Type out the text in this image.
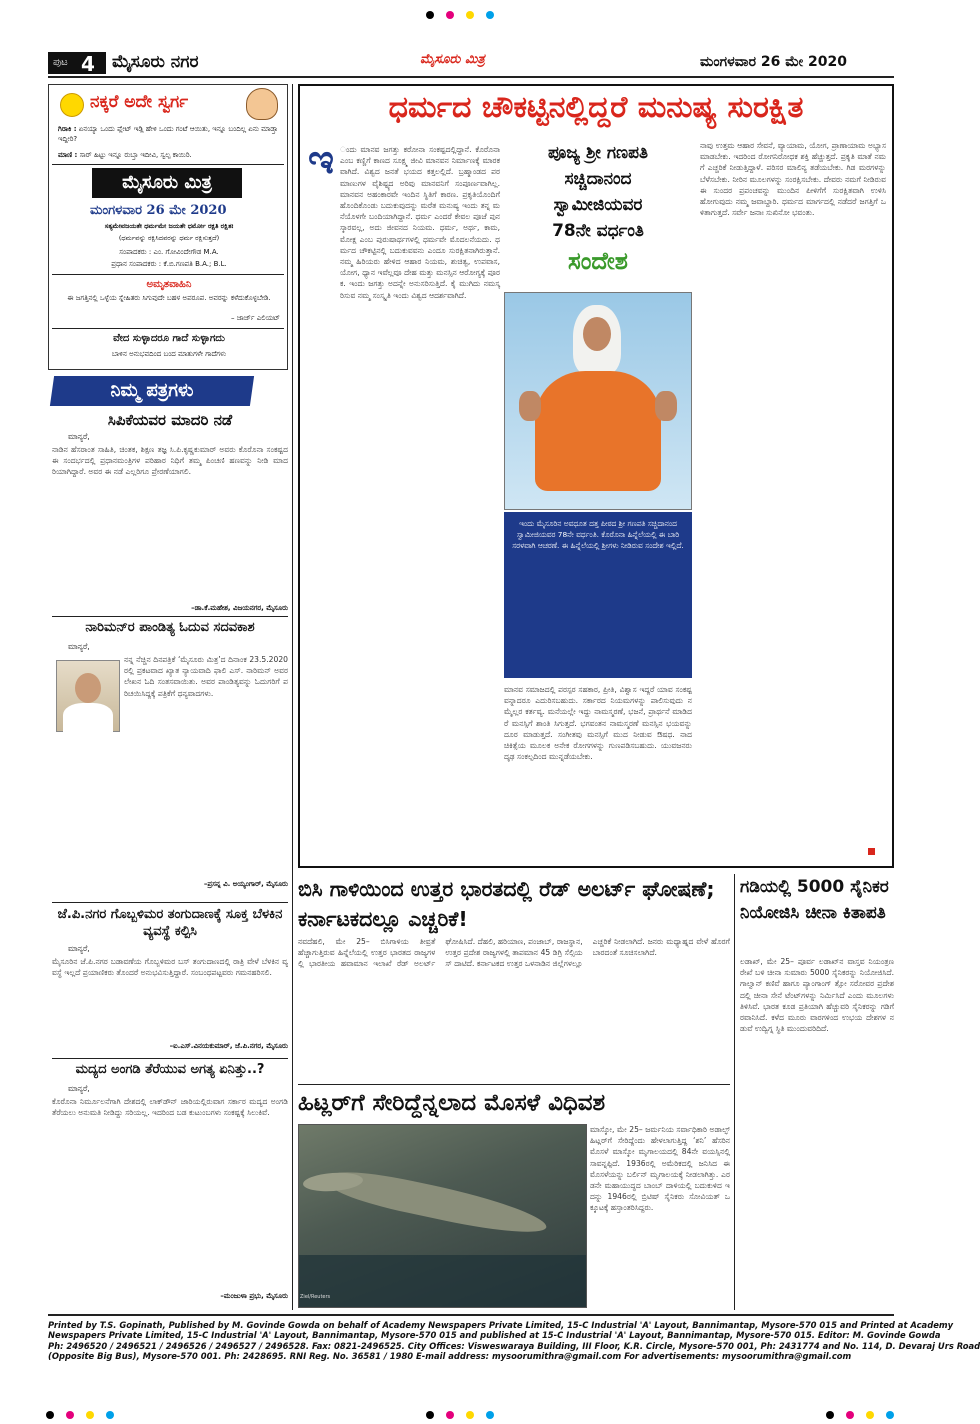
ಪುಟ 4 ಮೈಸೂರು ನಗರ	ಮೈಸೂರು ಮಿತ್ರ	ಮಂಗಳವಾರ 26 ಮೇ 2020
ನಕ್ಕರೆ ಅದೇ ಸ್ವರ್ಗ
ಗಿರಾಕಿ : ಏನಯ್ಯಾ ಒಂದು ಪ್ಲೇಟ್ ಇಡ್ಲಿ ಹೇಳಿ ಒಂದು ಗಂಟೆ ಆಯಿತು, ಇನ್ನೂ ಬಂದಿಲ್ಲ ಏನು ಮಾಡ್ತಾ ಇದ್ದೀರಿ?
ಮಾಣಿ : ಸಾರ್ ಹಿಟ್ಟು ಇನ್ನೂ ರುಬ್ತಾ ಇದೀವಿ, ಸ್ವಲ್ಪ ಕಾಯಿರಿ.
ಮೈಸೂರು ಮಿತ್ರ
ಮಂಗಳವಾರ 26 ಮೇ 2020
ಸತ್ಯಮೇವಜಯತೇ ಧರ್ಮಮೇ ಜಯತೇ ಧರ್ಮೋ ರಕ್ಷತಿ ರಕ್ಷಿತಃ
(ಧರ್ಮವನ್ನು ರಕ್ಷಿಸಿದವರನ್ನು ಧರ್ಮ ರಕ್ಷಿಸುತ್ತದೆ)
ಸಂಪಾದಕರು : ಎಂ. ಗೋವಿಂದೇಗೌಡ M.A.
ಪ್ರಧಾನ ಸಂಪಾದಕರು : ಕೆ.ಬಿ.ಗಣಪತಿ B.A.; B.L.
ಅಮೃತವಾಹಿನಿ
ಈ ಜಗತ್ತಿನಲ್ಲಿ ಒಳ್ಳೆಯ ಸ್ನೇಹಿತರು ಸಿಗುವುದೇ ಬಹಳ ಅಪರೂಪ. ಅವರನ್ನು ಕಳೆದುಕೊಳ್ಳಬೇಡಿ.
– ಜಾರ್ಜ್ ಎಲಿಯಟ್
ವೇದ ಸುಳ್ಳಾದರೂ ಗಾದೆ ಸುಳ್ಳಾಗದು
ಬಾಳಿನ ಅನುಭವದಿಂದ ಬಂದ ಮಾತುಗಳೇ ಗಾದೆಗಳು
ನಿಮ್ಮ ಪತ್ರಗಳು
ಸಿಪಿಕೆಯವರ ಮಾದರಿ ನಡೆ
ಮಾನ್ಯರೆ,
ನಾಡಿನ ಹೆಸರಾಂತ ಸಾಹಿತಿ, ಚಿಂತಕ, ಶಿಕ್ಷಣ ತಜ್ಞ ಸಿ.ಪಿ.ಕೃಷ್ಣಕುಮಾರ್ ಅವರು ಕೊರೊನಾ ಸಂಕಷ್ಟದ ಈ ಸಂದರ್ಭದಲ್ಲಿ ಪ್ರಧಾನಮಂತ್ರಿಗಳ ಪರಿಹಾರ ನಿಧಿಗೆ ತಮ್ಮ ಪಿಂಚಣಿ ಹಣವನ್ನು ನೀಡಿ ಮಾದರಿಯಾಗಿದ್ದಾರೆ. ಅವರ ಈ ನಡೆ ಎಲ್ಲರಿಗೂ ಪ್ರೇರಣೆಯಾಗಲಿ.
–ಡಾ.ಕೆ.ಮಹೇಶ, ವಿಜಯನಗರ, ಮೈಸೂರು
ನಾರಿಮನ್‌ರ ಪಾಂಡಿತ್ಯ ಓದುವ ಸದವಕಾಶ
ಮಾನ್ಯರೆ,
ನನ್ನ ನೆಚ್ಚಿನ ದಿನಪತ್ರಿಕೆ ‘ಮೈಸೂರು ಮಿತ್ರ’ದ ದಿನಾಂಕ 23.5.2020ರಲ್ಲಿ ಪ್ರಕಟವಾದ ಖ್ಯಾತ ನ್ಯಾಯವಾದಿ ಫಾಲಿ ಎಸ್. ನಾರಿಮನ್ ಅವರ ಲೇಖನ ಓದಿ ಸಂತಸವಾಯಿತು. ಅವರ ಪಾಂಡಿತ್ಯವನ್ನು ಓದುಗರಿಗೆ ಪರಿಚಯಿಸಿದ್ದಕ್ಕೆ ಪತ್ರಿಕೆಗೆ ಧನ್ಯವಾದಗಳು.
–ಪ್ರಸನ್ನ ವಿ. ಅಯ್ಯಂಗಾರ್, ಮೈಸೂರು
ಜೆ.ಪಿ.ನಗರ ಗೊಬ್ಬಳಿಮರ ತಂಗುದಾಣಕ್ಕೆ ಸೂಕ್ತ ಬೆಳಕಿನ ವ್ಯವಸ್ಥೆ ಕಲ್ಪಿಸಿ
ಮಾನ್ಯರೆ,
ಮೈಸೂರಿನ ಜೆ.ಪಿ.ನಗರ ಬಡಾವಣೆಯ ಗೊಬ್ಬಳಿಮರ ಬಸ್ ತಂಗುದಾಣದಲ್ಲಿ ರಾತ್ರಿ ವೇಳೆ ಬೆಳಕಿನ ವ್ಯವಸ್ಥೆ ಇಲ್ಲದೆ ಪ್ರಯಾಣಿಕರು ತೊಂದರೆ ಅನುಭವಿಸುತ್ತಿದ್ದಾರೆ. ಸಂಬಂಧಪಟ್ಟವರು ಗಮನಹರಿಸಲಿ.
–ಐ.ಎಸ್.ವಿನಯಕುಮಾರ್, ಜೆ.ಪಿ.ನಗರ, ಮೈಸೂರು
ಮದ್ಯದ ಅಂಗಡಿ ತೆರೆಯುವ ಅಗತ್ಯ ಏನಿತ್ತು..?
ಮಾನ್ಯರೆ,
ಕೊರೊನಾ ನಿರ್ಮೂಲನೆಗಾಗಿ ದೇಶದಲ್ಲಿ ಲಾಕ್‌ಡೌನ್ ಜಾರಿಯಲ್ಲಿರುವಾಗ ಸರ್ಕಾರ ಮದ್ಯದ ಅಂಗಡಿ ತೆರೆಯಲು ಅನುಮತಿ ನೀಡಿದ್ದು ಸರಿಯಲ್ಲ. ಇದರಿಂದ ಬಡ ಕುಟುಂಬಗಳು ಸಂಕಷ್ಟಕ್ಕೆ ಸಿಲುಕಿವೆ.
–ಮಂಜುಳಾ ಪ್ರಭು, ಮೈಸೂರು
ಧರ್ಮದ ಚೌಕಟ್ಟಿನಲ್ಲಿದ್ದರೆ ಮನುಷ್ಯ ಸುರಕ್ಷಿತ
ಇ ಂದು ಮಾನವ ಜಗತ್ತು ಕರೋನಾ ಸಂಕಷ್ಟದಲ್ಲಿದ್ದಾನೆ. ಕೊರೊನಾ ಎಂಬ ಕಣ್ಣಿಗೆ ಕಾಣದ ಸೂಕ್ಷ್ಮ ಜೀವಿ ಮಾನವನ ನಿರ್ಮಾಣಕ್ಕೆ ಮಾರಕವಾಗಿದೆ. ವಿಶ್ವದ ಜನತೆ ಭಯದ ಕತ್ತಲಲ್ಲಿದೆ. ಬ್ರಹ್ಮಾಂಡದ ಪರಮಾಣುಗಳ ವೈಶಿಷ್ಟ್ಯದ ಅರಿವು ಮಾನವನಿಗೆ ಸಂಪೂರ್ಣವಾಗಿಲ್ಲ. ಮಾನವನ ಅಹಂಕಾರವೇ ಇಂದಿನ ಸ್ಥಿತಿಗೆ ಕಾರಣ. ಪ್ರಕೃತಿಯೊಂದಿಗೆ ಹೊಂದಿಕೊಂಡು ಬದುಕುವುದನ್ನು ಮರೆತ ಮನುಷ್ಯ ಇಂದು ತನ್ನ ಮನೆಯೊಳಗೇ ಬಂದಿಯಾಗಿದ್ದಾನೆ. ಧರ್ಮ ಎಂದರೆ ಕೇವಲ ಪೂಜೆ ಪುನಸ್ಕಾರವಲ್ಲ, ಅದು ಜೀವನದ ನಿಯಮ. ಧರ್ಮ, ಅರ್ಥ, ಕಾಮ, ಮೋಕ್ಷ ಎಂಬ ಪುರುಷಾರ್ಥಗಳಲ್ಲಿ ಧರ್ಮವೇ ಮೊದಲನೆಯದು. ಧರ್ಮದ ಚೌಕಟ್ಟಿನಲ್ಲಿ ಬದುಕುವವನು ಎಂದೂ ಸುರಕ್ಷಿತನಾಗಿರುತ್ತಾನೆ. ನಮ್ಮ ಹಿರಿಯರು ಹೇಳಿದ ಆಹಾರ ನಿಯಮ, ಶುಚಿತ್ವ, ಉಪವಾಸ, ಯೋಗ, ಧ್ಯಾನ ಇವೆಲ್ಲವೂ ದೇಹ ಮತ್ತು ಮನಸ್ಸಿನ ಆರೋಗ್ಯಕ್ಕೆ ಪೂರಕ. ಇಂದು ಜಗತ್ತು ಅದನ್ನೇ ಅನುಸರಿಸುತ್ತಿದೆ. ಕೈ ಮುಗಿದು ನಮಸ್ಕರಿಸುವ ನಮ್ಮ ಸಂಸ್ಕೃತಿ ಇಂದು ವಿಶ್ವದ ಆದರ್ಶವಾಗಿದೆ.
ಪೂಜ್ಯ ಶ್ರೀ ಗಣಪತಿ
ಸಚ್ಚಿದಾನಂದ
ಸ್ವಾಮೀಜಿಯವರ
78ನೇ ವರ್ಧಂತಿ
ಸಂದೇಶ
ಇಂದು ಮೈಸೂರಿನ ಅವಧೂತ ದತ್ತ ಪೀಠದ ಶ್ರೀ ಗಣಪತಿ ಸಚ್ಚಿದಾನಂದ ಸ್ವಾಮೀಜಿಯವರ 78ನೇ ವರ್ಧಂತಿ. ಕೊರೊನಾ ಹಿನ್ನೆಲೆಯಲ್ಲಿ ಈ ಬಾರಿ ಸರಳವಾಗಿ ಆಚರಣೆ. ಈ ಹಿನ್ನೆಲೆಯಲ್ಲಿ ಶ್ರೀಗಳು ನೀಡಿರುವ ಸಂದೇಶ ಇಲ್ಲಿದೆ.
ಮಾನವ ಸಮಾಜದಲ್ಲಿ ಪರಸ್ಪರ ಸಹಕಾರ, ಪ್ರೀತಿ, ವಿಶ್ವಾಸ ಇದ್ದರೆ ಯಾವ ಸಂಕಷ್ಟವನ್ನಾದರೂ ಎದುರಿಸಬಹುದು. ಸರ್ಕಾರದ ನಿಯಮಗಳನ್ನು ಪಾಲಿಸುವುದು ನಮ್ಮೆಲ್ಲರ ಕರ್ತವ್ಯ. ಮನೆಯಲ್ಲೇ ಇದ್ದು ನಾಮಸ್ಮರಣೆ, ಭಜನೆ, ಪ್ರಾರ್ಥನೆ ಮಾಡಿದರೆ ಮನಸ್ಸಿಗೆ ಶಾಂತಿ ಸಿಗುತ್ತದೆ. ಭಗವಂತನ ನಾಮಸ್ಮರಣೆ ಮನಸ್ಸಿನ ಭಯವನ್ನು ದೂರ ಮಾಡುತ್ತದೆ. ಸಂಗೀತವು ಮನಸ್ಸಿಗೆ ಮುದ ನೀಡುವ ಔಷಧ. ನಾದ ಚಿಕಿತ್ಸೆಯ ಮೂಲಕ ಅನೇಕ ರೋಗಗಳನ್ನು ಗುಣಪಡಿಸಬಹುದು. ಯುವಜನರು ದೃಢ ಸಂಕಲ್ಪದಿಂದ ಮುನ್ನಡೆಯಬೇಕು.
ನಾವು ಉತ್ತಮ ಆಹಾರ ಸೇವನೆ, ವ್ಯಾಯಾಮ, ಯೋಗ, ಪ್ರಾಣಾಯಾಮ ಅಭ್ಯಾಸ ಮಾಡಬೇಕು. ಇದರಿಂದ ರೋಗನಿರೋಧಕ ಶಕ್ತಿ ಹೆಚ್ಚುತ್ತದೆ. ಪ್ರಕೃತಿ ಮಾತೆ ನಮಗೆ ಎಚ್ಚರಿಕೆ ನೀಡುತ್ತಿದ್ದಾಳೆ. ಪರಿಸರ ಮಾಲಿನ್ಯ ತಡೆಯಬೇಕು. ಗಿಡ ಮರಗಳನ್ನು ಬೆಳೆಸಬೇಕು. ನೀರಿನ ಮೂಲಗಳನ್ನು ಸಂರಕ್ಷಿಸಬೇಕು. ದೇವರು ನಮಗೆ ನೀಡಿರುವ ಈ ಸುಂದರ ಪ್ರಪಂಚವನ್ನು ಮುಂದಿನ ಪೀಳಿಗೆಗೆ ಸುರಕ್ಷಿತವಾಗಿ ಉಳಿಸಿ ಹೋಗುವುದು ನಮ್ಮ ಜವಾಬ್ದಾರಿ. ಧರ್ಮದ ಮಾರ್ಗದಲ್ಲಿ ನಡೆದರೆ ಜಗತ್ತಿಗೆ ಒಳಿತಾಗುತ್ತದೆ. ಸರ್ವೇ ಜನಾಃ ಸುಖಿನೋ ಭವಂತು.
ಬಿಸಿ ಗಾಳಿಯಿಂದ ಉತ್ತರ ಭಾರತದಲ್ಲಿ ರೆಡ್ ಅಲರ್ಟ್ ಘೋಷಣೆ; ಕರ್ನಾಟಕದಲ್ಲೂ ಎಚ್ಚರಿಕೆ!
ನವದೆಹಲಿ, ಮೇ 25– ಬಿಸಿಗಾಳಿಯ ತೀವ್ರತೆ ಹೆಚ್ಚಾಗುತ್ತಿರುವ ಹಿನ್ನೆಲೆಯಲ್ಲಿ ಉತ್ತರ ಭಾರತದ ರಾಜ್ಯಗಳಲ್ಲಿ ಭಾರತೀಯ ಹವಾಮಾನ ಇಲಾಖೆ ರೆಡ್ ಅಲರ್ಟ್ ಘೋಷಿಸಿದೆ. ದೆಹಲಿ, ಹರಿಯಾಣ, ಪಂಜಾಬ್, ರಾಜಸ್ಥಾನ, ಉತ್ತರ ಪ್ರದೇಶ ರಾಜ್ಯಗಳಲ್ಲಿ ತಾಪಮಾನ 45 ಡಿಗ್ರಿ ಸೆಲ್ಸಿಯಸ್ ದಾಟಿದೆ. ಕರ್ನಾಟಕದ ಉತ್ತರ ಒಳನಾಡಿನ ಜಿಲ್ಲೆಗಳಲ್ಲೂ ಎಚ್ಚರಿಕೆ ನೀಡಲಾಗಿದೆ. ಜನರು ಮಧ್ಯಾಹ್ನದ ವೇಳೆ ಹೊರಗೆ ಬಾರದಂತೆ ಸೂಚಿಸಲಾಗಿದೆ.
ಹಿಟ್ಲರ್‌ಗೆ ಸೇರಿದ್ದೆನ್ನಲಾದ ಮೊಸಳೆ ವಿಧಿವಶ
Ziel/Reuters
ಮಾಸ್ಕೋ, ಮೇ 25– ಜರ್ಮನಿಯ ಸರ್ವಾಧಿಕಾರಿ ಅಡಾಲ್ಫ್ ಹಿಟ್ಲರ್‌ಗೆ ಸೇರಿದ್ದೆಂದು ಹೇಳಲಾಗುತ್ತಿದ್ದ ‘ಶನಿ’ ಹೆಸರಿನ ಮೊಸಳೆ ಮಾಸ್ಕೋ ಮೃಗಾಲಯದಲ್ಲಿ 84ನೇ ವಯಸ್ಸಿನಲ್ಲಿ ಸಾವನ್ನಪ್ಪಿದೆ. 1936ರಲ್ಲಿ ಅಮೆರಿಕದಲ್ಲಿ ಜನಿಸಿದ ಈ ಮೊಸಳೆಯನ್ನು ಬರ್ಲಿನ್ ಮೃಗಾಲಯಕ್ಕೆ ನೀಡಲಾಗಿತ್ತು. ಎರಡನೇ ಮಹಾಯುದ್ಧದ ಬಾಂಬ್ ದಾಳಿಯಲ್ಲಿ ಬದುಕುಳಿದ ಇದನ್ನು 1946ರಲ್ಲಿ ಬ್ರಿಟಿಷ್ ಸೈನಿಕರು ಸೋವಿಯತ್ ಒಕ್ಕೂಟಕ್ಕೆ ಹಸ್ತಾಂತರಿಸಿದ್ದರು.
ಗಡಿಯಲ್ಲಿ 5000 ಸೈನಿಕರ ನಿಯೋಜಿಸಿ ಚೀನಾ ಕಿತಾಪತಿ
ಲಡಾಖ್, ಮೇ 25– ಪೂರ್ವ ಲಡಾಖ್‌ನ ವಾಸ್ತವ ನಿಯಂತ್ರಣ ರೇಖೆ ಬಳಿ ಚೀನಾ ಸುಮಾರು 5000 ಸೈನಿಕರನ್ನು ನಿಯೋಜಿಸಿದೆ. ಗಾಲ್ವಾನ್ ಕಣಿವೆ ಹಾಗೂ ಪ್ಯಾಂಗಾಂಗ್ ತ್ಸೋ ಸರೋವರ ಪ್ರದೇಶದಲ್ಲಿ ಚೀನಾ ಸೇನೆ ಟೆಂಟ್‌ಗಳನ್ನು ನಿರ್ಮಿಸಿದೆ ಎಂದು ಮೂಲಗಳು ತಿಳಿಸಿವೆ. ಭಾರತ ಕೂಡ ಪ್ರತಿಯಾಗಿ ಹೆಚ್ಚುವರಿ ಸೈನಿಕರನ್ನು ಗಡಿಗೆ ರವಾನಿಸಿದೆ. ಕಳೆದ ಮೂರು ವಾರಗಳಿಂದ ಉಭಯ ದೇಶಗಳ ನಡುವೆ ಉದ್ವಿಗ್ನ ಸ್ಥಿತಿ ಮುಂದುವರಿದಿದೆ.
Printed by T.S. Gopinath, Published by M. Govinde Gowda on behalf of Academy Newspapers Private Limited, 15-C Industrial 'A' Layout, Bannimantap, Mysore-570 015 and Printed at Academy
Newspapers Private Limited, 15-C Industrial 'A' Layout, Bannimantap, Mysore-570 015 and published at 15-C Industrial 'A' Layout, Bannimantap, Mysore-570 015. Editor: M. Govinde Gowda
Ph: 2496520 / 2496521 / 2496526 / 2496527 / 2496528. Fax: 0821-2496525. City Offices: Visweswaraya Building, III Floor, K.R. Circle, Mysore-570 001, Ph: 2431774 and No. 114, D. Devaraj Urs Road
(Opposite Big Bus), Mysore-570 001. Ph: 2428695. RNI Reg. No. 36581 / 1980 E-mail address: mysoorumithra@gmail.com For advertisements: mysoorumithra@gmail.com
